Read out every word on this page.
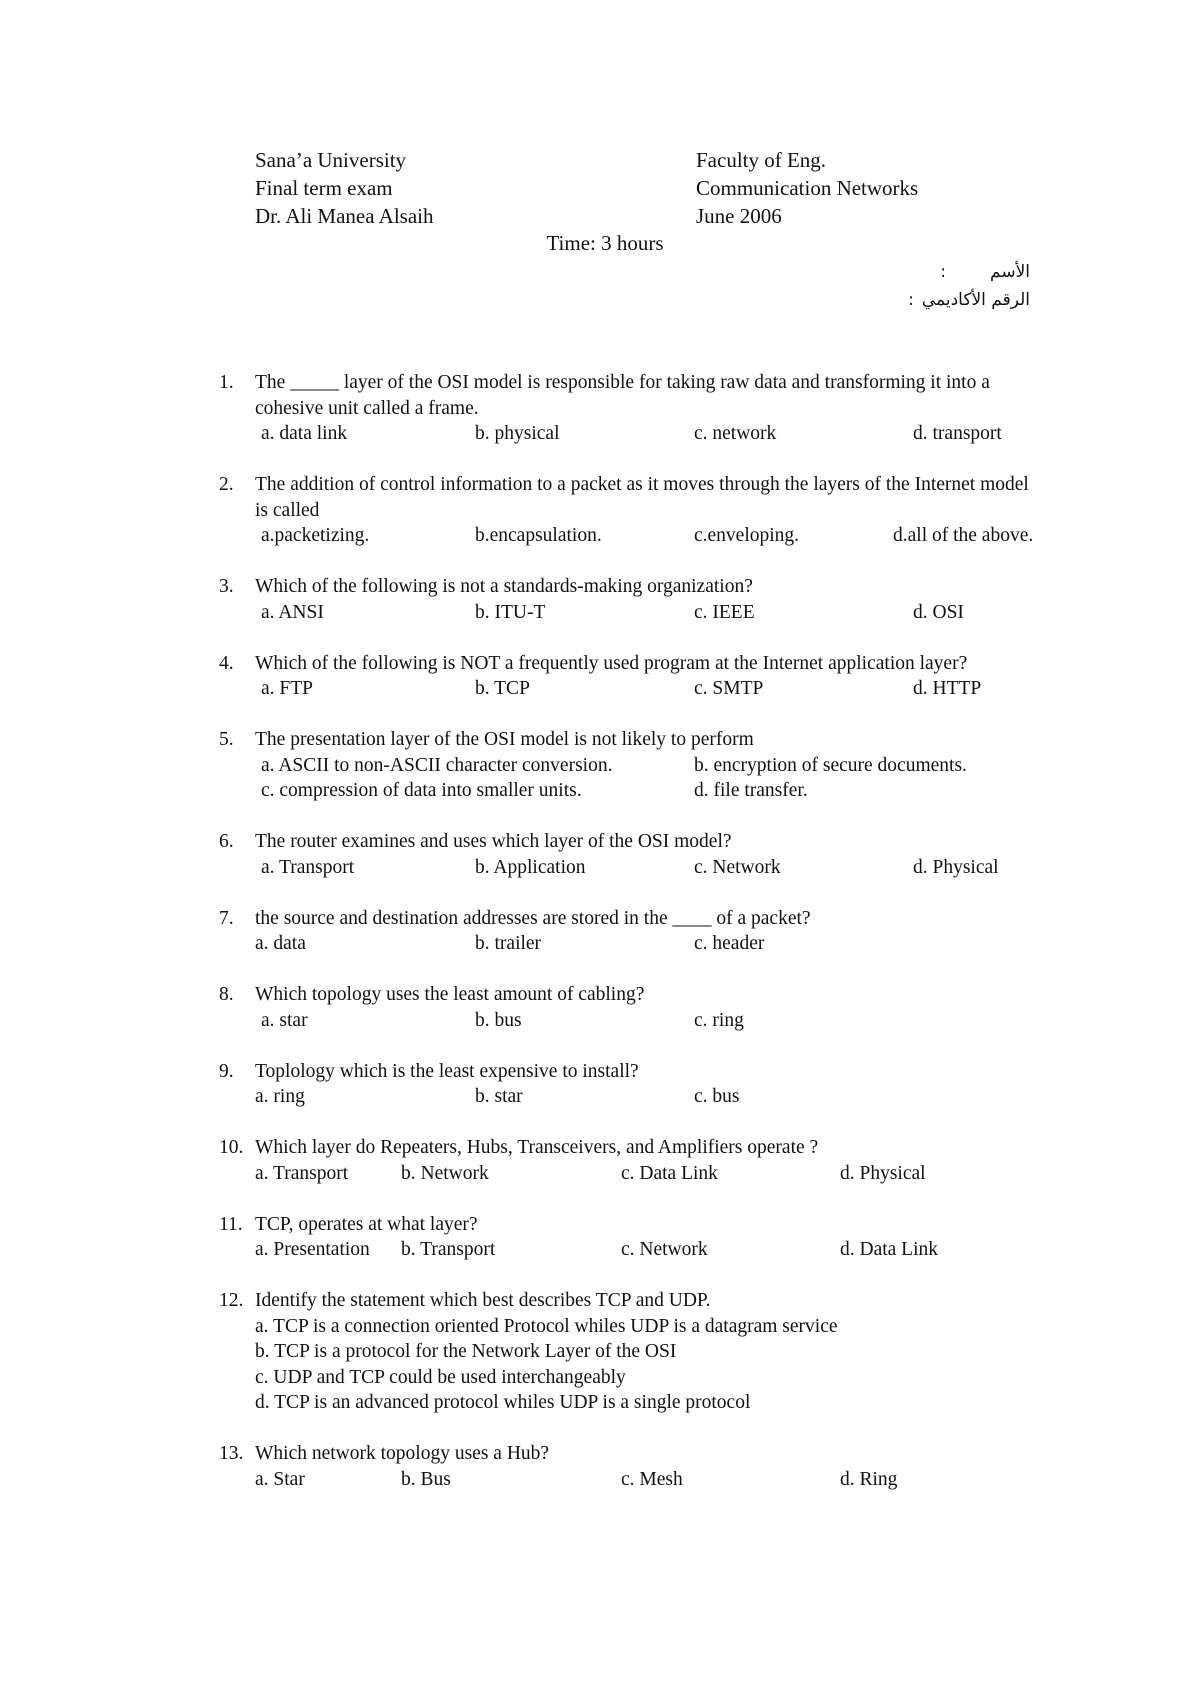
Sana’a University
Final term exam
Dr. Ali Manea Alsaih
Faculty of Eng.
Communication Networks
June 2006
Time: 3 hours
الأسم:
الرقم الأكاديمي:
1. The _____ layer of the OSI model is responsible for taking raw data and transforming it into a cohesive unit called a frame.
a. data link	b. physical	c. network	d. transport
2. The addition of control information to a packet as it moves through the layers of the Internet model is called
a.packetizing.	b.encapsulation.	c.enveloping.	d.all of the above.
3. Which of the following is not a standards-making organization?
a. ANSI	b. ITU-T	c. IEEE	d. OSI
4. Which of the following is NOT a frequently used program at the Internet application layer?
a. FTP	b. TCP	c. SMTP	d. HTTP
5. The presentation layer of the OSI model is not likely to perform
a. ASCII to non-ASCII character conversion.	b. encryption of secure documents.
c. compression of data into smaller units.	d. file transfer.
6. The router examines and uses which layer of the OSI model?
a. Transport	b. Application	c. Network	d. Physical
7. the source and destination addresses are stored in the ____ of a packet?
a. data	b. trailer	c. header
8. Which topology uses the least amount of cabling?
a. star	b. bus	c. ring
9. Toplology which is the least expensive to install?
a. ring	b. star	c. bus
10. Which layer do Repeaters, Hubs, Transceivers, and Amplifiers operate ?
a. Transport	b. Network	c. Data Link	d. Physical
11. TCP, operates at what layer?
a. Presentation b. Transport	c. Network	d. Data Link
12. Identify the statement which best describes TCP and UDP.
a. TCP is a connection oriented Protocol whiles UDP is a datagram service
b. TCP is a protocol for the Network Layer of the OSI
c. UDP and TCP could be used interchangeably
d. TCP is an advanced protocol whiles UDP is a single protocol
13. Which network topology uses a Hub?
a. Star	b. Bus	c. Mesh	d. Ring
